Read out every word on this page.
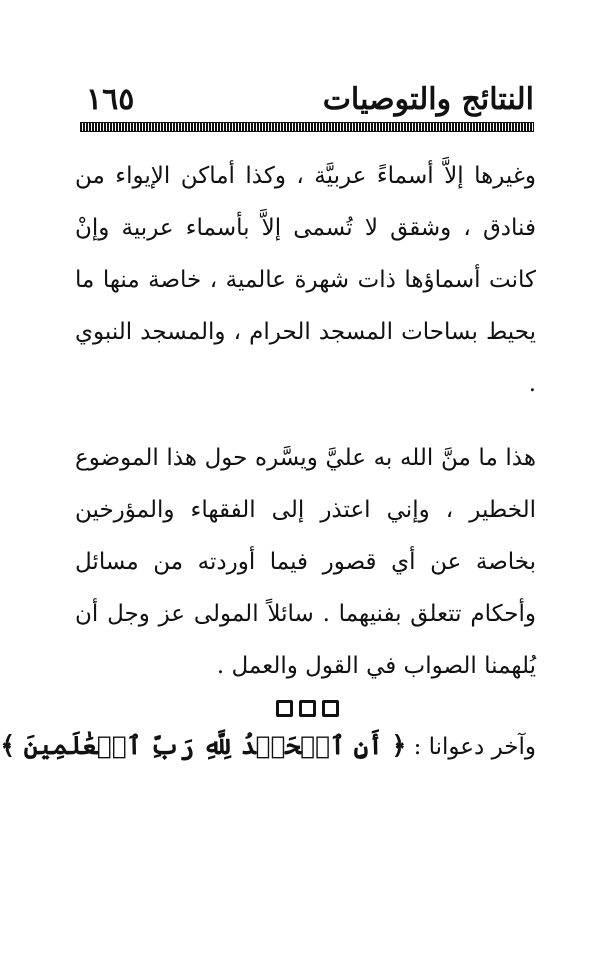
النتائج والتوصيات
١٦٥

وغيرها إلاَّ أسماءً عربيَّة ، وكذا أماكن الإيواء من فنادق ، وشقق لا تُسمى إلاَّ بأسماء عربية وإنْ كانت أسماؤها ذات شهرة عالمية ، خاصة منها ما يحيط بساحات المسجد الحرام ، والمسجد النبوي .

هذا ما منَّ الله به عليَّ ويسَّره حول هذا الموضوع الخطير ، وإني اعتذر إلى الفقهاء والمؤرخين بخاصة عن أي قصور فيما أوردته من مسائل وأحكام تتعلق بفنيهما . سائلاً المولى عز وجل أن يُلهمنا الصواب في القول والعمل .

وآخر دعوانا : ﴿ أَنِ ٱلۡحَمۡدُ لِلَّهِ رَبِّ ٱلۡعَٰلَمِينَ ﴾
